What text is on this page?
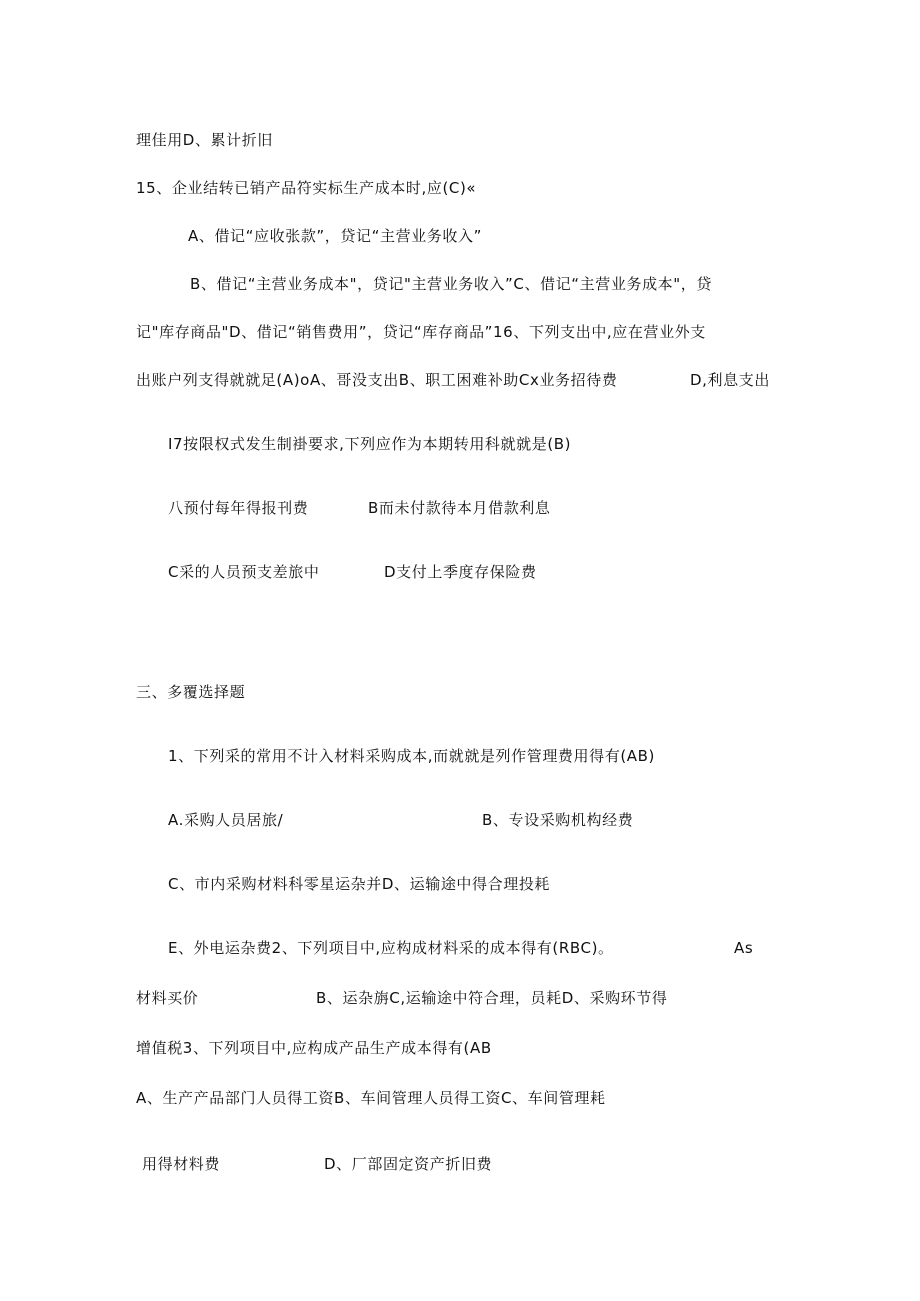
理佳用D、累计折旧
15、企业结转已销产品符实标生产成本时,应(C)«
A、借记“应收张款”，贷记“主营业务收入”
B、借记“主营业务成本"，贷记"主营业务收入”C、借记“主营业务成本"，贷
记"库存商品"D、借记“销售费用”，贷记“库存商品”16、下列支出中,应在营业外支
出账户列支得就就足(A)oA、哥没支出B、职工困难补助Cx业务招待费	D,利息支出
I7按限权式发生制褂要求,下列应作为本期转用科就就是(B)
八预付每年得报刊费	B而未付款待本月借款利息
C采的人员预支差旅中	D支付上季度存保险费
三、多覆选择题
1、下列采的常用不计入材料采购成本,而就就是列作管理费用得有(AB)
A.采购人员居旅/	B、专设采购机构经费
C、市内采购材料科零星运杂并D、运输途中得合理投耗
E、外电运杂费2、下列项目中,应构成材料采的成本得有(RBC)。	As
材料买价	B、运杂旃C,运输途中符合理，员耗D、采购环节得
增值税3、下列项目中,应构成产品生产成本得有(AB
A、生产产品部门人员得工资B、车间管理人员得工资C、车间管理耗
用得材料费	D、厂部固定资产折旧费
